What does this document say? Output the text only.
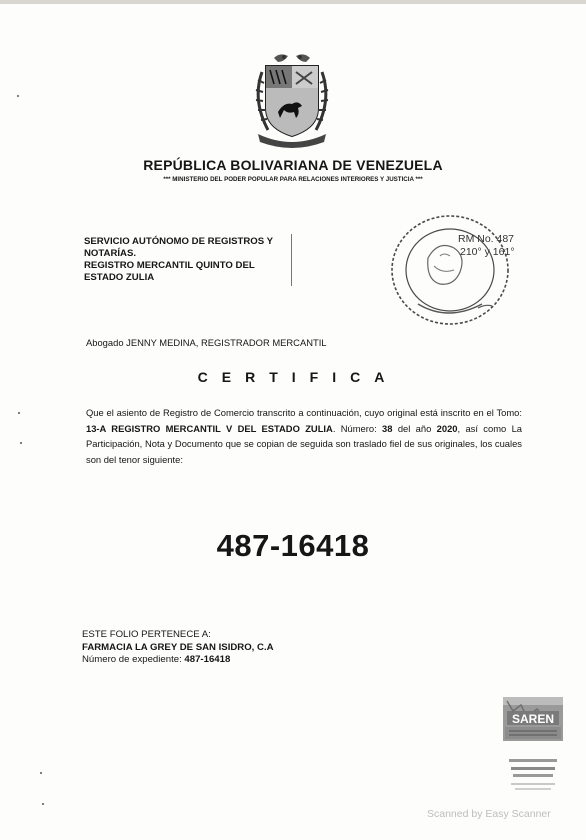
REPÚBLICA BOLIVARIANA DE VENEZUELA
*** MINISTERIO DEL PODER POPULAR PARA RELACIONES INTERIORES Y JUSTICIA ***
SERVICIO AUTÓNOMO DE REGISTROS Y
NOTARÍAS.
REGISTRO MERCANTIL QUINTO DEL
ESTADO ZULIA
RM No. 487
210° y 161°
Abogado JENNY MEDINA, REGISTRADOR MERCANTIL
CERTIFICA
Que el asiento de Registro de Comercio transcrito a continuación, cuyo original está inscrito en el Tomo: 13-A REGISTRO MERCANTIL V DEL ESTADO ZULIA. Número: 38 del año 2020, así como La Participación, Nota y Documento que se copian de seguida son traslado fiel de sus originales, los cuales son del tenor siguiente:
487-16418
ESTE FOLIO PERTENECE A:
FARMACIA LA GREY DE SAN ISIDRO, C.A
Número de expediente: 487-16418
SAREN
Scanned by Easy Scanner
